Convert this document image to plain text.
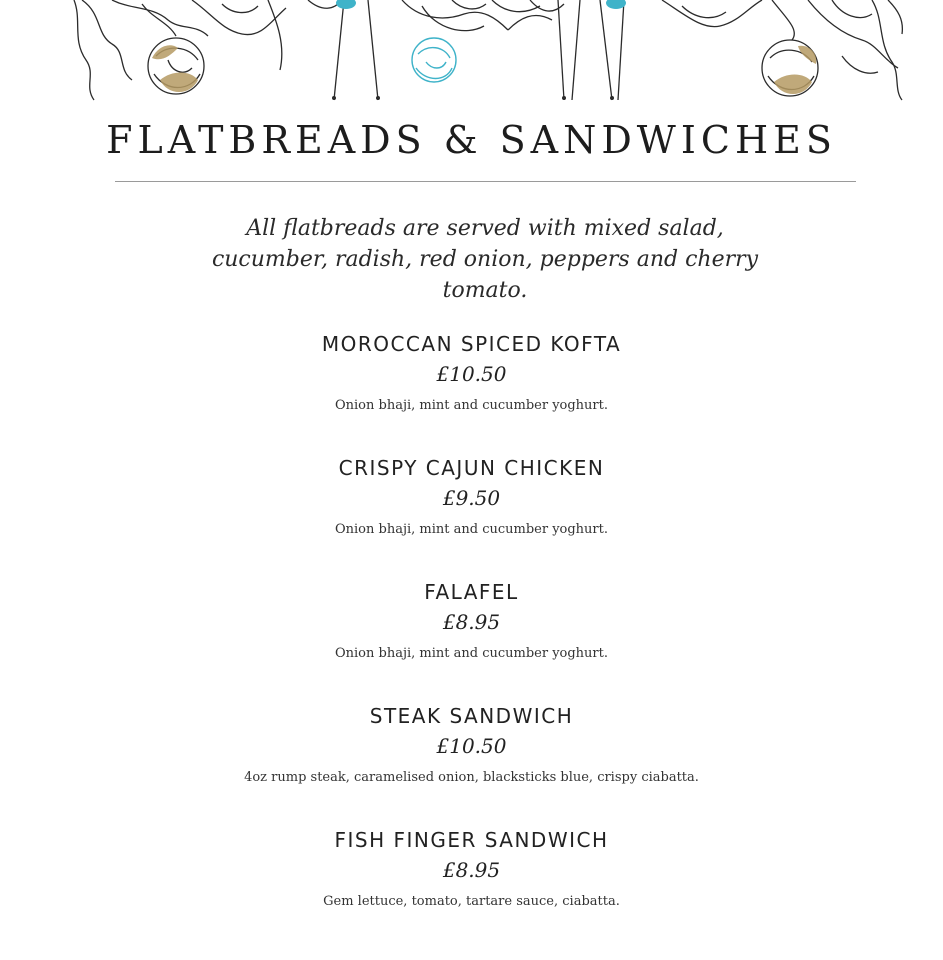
FLATBREADS & SANDWICHES

All flatbreads are served with mixed salad, cucumber, radish, red onion, peppers and cherry tomato.

MOROCCAN SPICED KOFTA
£10.50
Onion bhaji, mint and cucumber yoghurt.
CRISPY CAJUN CHICKEN
£9.50
Onion bhaji, mint and cucumber yoghurt.
FALAFEL
£8.95
Onion bhaji, mint and cucumber yoghurt.
STEAK SANDWICH
£10.50
4oz rump steak, caramelised onion, blacksticks blue, crispy ciabatta.
FISH FINGER SANDWICH
£8.95
Gem lettuce, tomato, tartare sauce, ciabatta.
